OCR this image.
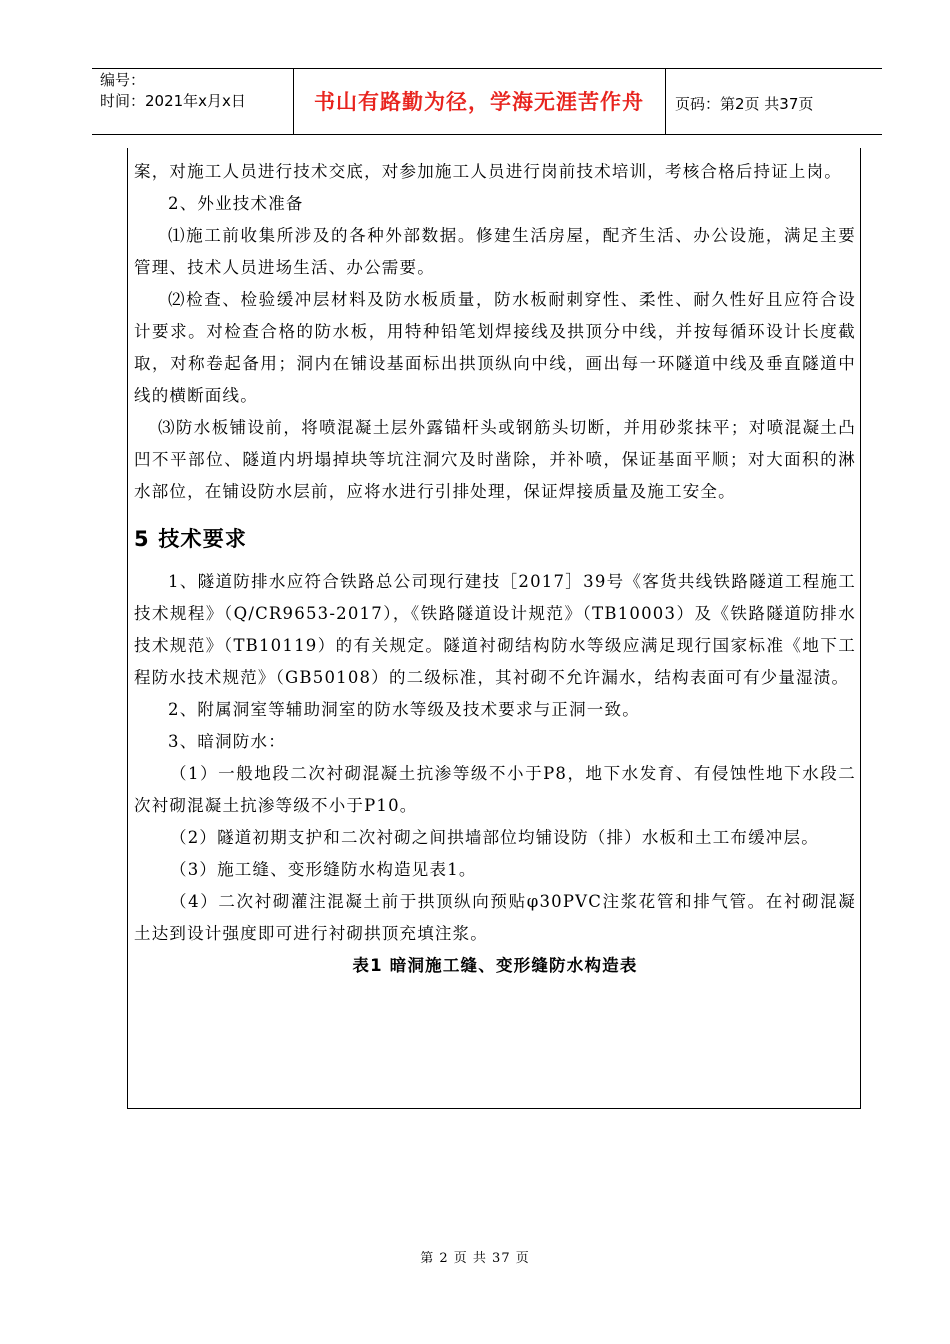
编号：
时间：2021年x月x日	书山有路勤为径，学海无涯苦作舟	页码：第2页 共37页

案，对施工人员进行技术交底，对参加施工人员进行岗前技术培训，考核合格后持证上岗。

2、外业技术准备

⑴施工前收集所涉及的各种外部数据。修建生活房屋，配齐生活、办公设施，满足主要管理、技术人员进场生活、办公需要。

⑵检查、检验缓冲层材料及防水板质量，防水板耐刺穿性、柔性、耐久性好且应符合设计要求。对检查合格的防水板，用特种铅笔划焊接线及拱顶分中线，并按每循环设计长度截取，对称卷起备用；洞内在铺设基面标出拱顶纵向中线，画出每一环隧道中线及垂直隧道中线的横断面线。

⑶防水板铺设前，将喷混凝土层外露锚杆头或钢筋头切断，并用砂浆抹平；对喷混凝土凸凹不平部位、隧道内坍塌掉块等坑注洞穴及时凿除，并补喷，保证基面平顺；对大面积的淋水部位，在铺设防水层前，应将水进行引排处理，保证焊接质量及施工安全。

5 技术要求

1、隧道防排水应符合铁路总公司现行建技［2017］39号《客货共线铁路隧道工程施工技术规程》（Q/CR9653-2017），《铁路隧道设计规范》（TB10003）及《铁路隧道防排水技术规范》（TB10119）的有关规定。隧道衬砌结构防水等级应满足现行国家标准《地下工程防水技术规范》（GB50108）的二级标准，其衬砌不允许漏水，结构表面可有少量湿渍。

2、附属洞室等辅助洞室的防水等级及技术要求与正洞一致。

3、暗洞防水：

（1）一般地段二次衬砌混凝土抗渗等级不小于P8，地下水发育、有侵蚀性地下水段二次衬砌混凝土抗渗等级不小于P10。

（2）隧道初期支护和二次衬砌之间拱墙部位均铺设防（排）水板和土工布缓冲层。

（3）施工缝、变形缝防水构造见表1。

（4）二次衬砌灌注混凝土前于拱顶纵向预贴φ30PVC注浆花管和排气管。在衬砌混凝土达到设计强度即可进行衬砌拱顶充填注浆。

表1 暗洞施工缝、变形缝防水构造表

第 2 页 共 37 页
